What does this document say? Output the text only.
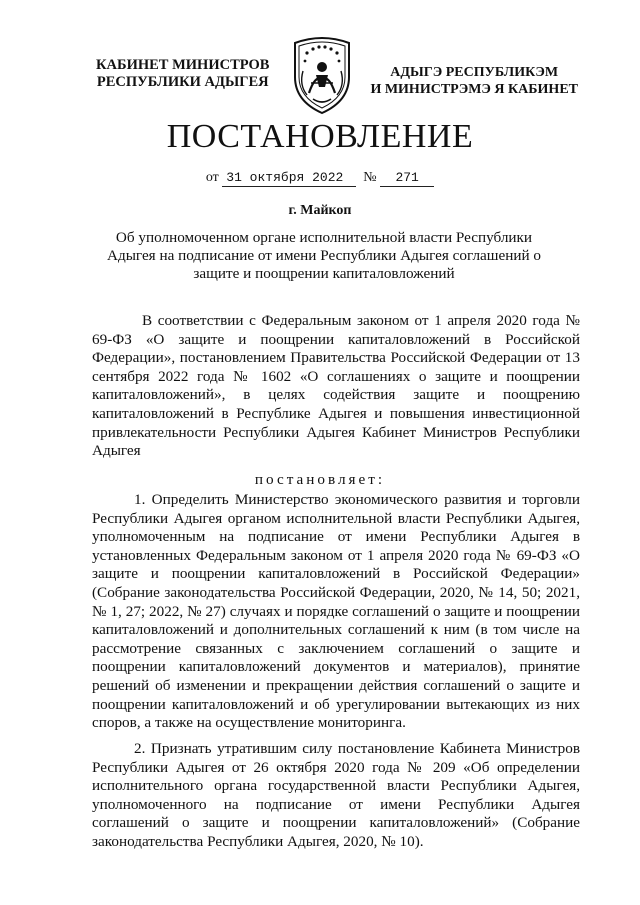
КАБИНЕТ МИНИСТРОВ
РЕСПУБЛИКИ АДЫГЕЯ
АДЫГЭ РЕСПУБЛИКЭМ
И МИНИСТРЭМЭ Я КАБИНЕТ
ПОСТАНОВЛЕНИЕ
от 31 октября 2022 № 271
г. Майкоп
Об уполномоченном органе исполнительной власти Республики Адыгея на подписание от имени Республики Адыгея соглашений о защите и поощрении капиталовложений

В соответствии с Федеральным законом от 1 апреля 2020 года № 69-ФЗ «О защите и поощрении капиталовложений в Российской Федерации», постановлением Правительства Российской Федерации от 13 сентября 2022 года № 1602 «О соглашениях о защите и поощрении капиталовложений», в целях содействия защите и поощрению капиталовложений в Республике Адыгея и повышения инвестиционной привлекательности Республики Адыгея Кабинет Министров Республики Адыгея

постановляет:

1. Определить Министерство экономического развития и торговли Республики Адыгея органом исполнительной власти Республики Адыгея, уполномоченным на подписание от имени Республики Адыгея в установленных Федеральным законом от 1 апреля 2020 года № 69-ФЗ «О защите и поощрении капиталовложений в Российской Федерации» (Собрание законодательства Российской Федерации, 2020, № 14, 50; 2021, № 1, 27; 2022, № 27) случаях и порядке соглашений о защите и поощрении капиталовложений и дополнительных соглашений к ним (в том числе на рассмотрение связанных с заключением соглашений о защите и поощрении капиталовложений документов и материалов), принятие решений об изменении и прекращении действия соглашений о защите и поощрении капиталовложений и об урегулировании вытекающих из них споров, а также на осуществление мониторинга.

2. Признать утратившим силу постановление Кабинета Министров Республики Адыгея от 26 октября 2020 года № 209 «Об определении исполнительного органа государственной власти Республики Адыгея, уполномоченного на подписание от имени Республики Адыгея соглашений о защите и поощрении капиталовложений» (Собрание законодательства Республики Адыгея, 2020, № 10).
